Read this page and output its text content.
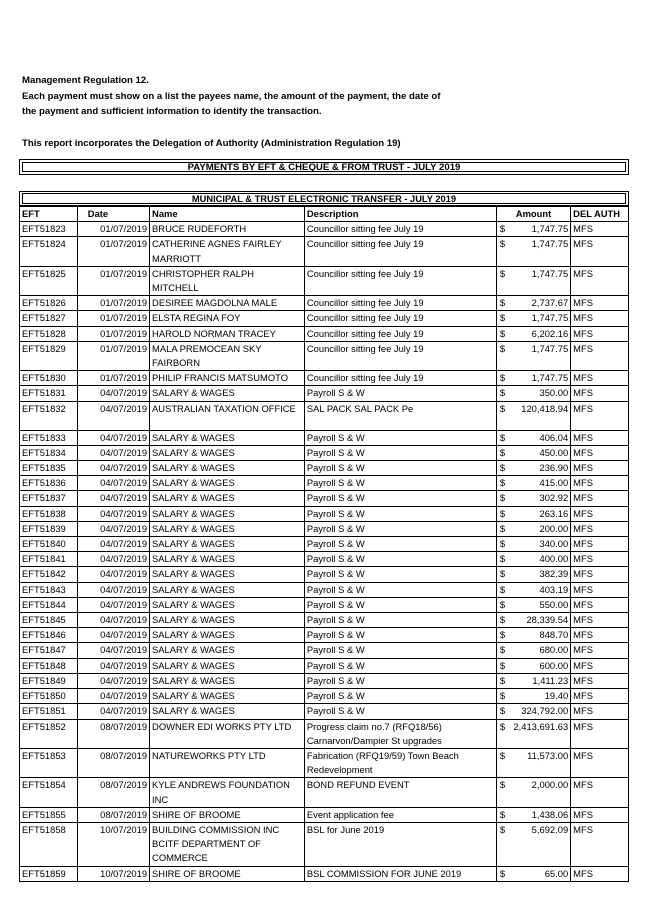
Management Regulation 12.
Each payment must show on a list the payees name, the amount of the payment, the date of
the payment and sufficient information to identify the transaction.
This report incorporates the Delegation of Authority (Administration Regulation 19)
PAYMENTS BY EFT & CHEQUE & FROM TRUST - JULY 2019
MUNICIPAL & TRUST ELECTRONIC TRANSFER - JULY 2019
EFT	Date	Name	Description	Amount	DEL AUTH
EFT51823	01/07/2019	BRUCE RUDEFORTH	Councillor sitting fee July 19	$ 1,747.75	MFS
EFT51824	01/07/2019	CATHERINE AGNES FAIRLEY MARRIOTT	Councillor sitting fee July 19	$ 1,747.75	MFS
EFT51825	01/07/2019	CHRISTOPHER RALPH MITCHELL	Councillor sitting fee July 19	$ 1,747.75	MFS
EFT51826	01/07/2019	DESIREE MAGDOLNA MALE	Councillor sitting fee July 19	$ 2,737.67	MFS
EFT51827	01/07/2019	ELSTA REGINA FOY	Councillor sitting fee July 19	$ 1,747.75	MFS
EFT51828	01/07/2019	HAROLD NORMAN TRACEY	Councillor sitting fee July 19	$ 6,202.16	MFS
EFT51829	01/07/2019	MALA PREMOCEAN SKY FAIRBORN	Councillor sitting fee July 19	$ 1,747.75	MFS
EFT51830	01/07/2019	PHILIP FRANCIS MATSUMOTO	Councillor sitting fee July 19	$ 1,747.75	MFS
EFT51831	04/07/2019	SALARY & WAGES	Payroll S & W	$ 350.00	MFS
EFT51832	04/07/2019	AUSTRALIAN TAXATION OFFICE	SAL PACK SAL PACK Pe	$ 120,418.94	MFS
EFT51833	04/07/2019	SALARY & WAGES	Payroll S & W	$ 406.04	MFS
EFT51834	04/07/2019	SALARY & WAGES	Payroll S & W	$ 450.00	MFS
EFT51835	04/07/2019	SALARY & WAGES	Payroll S & W	$ 236.90	MFS
EFT51836	04/07/2019	SALARY & WAGES	Payroll S & W	$ 415.00	MFS
EFT51837	04/07/2019	SALARY & WAGES	Payroll S & W	$ 302.92	MFS
EFT51838	04/07/2019	SALARY & WAGES	Payroll S & W	$ 263.16	MFS
EFT51839	04/07/2019	SALARY & WAGES	Payroll S & W	$ 200.00	MFS
EFT51840	04/07/2019	SALARY & WAGES	Payroll S & W	$ 340.00	MFS
EFT51841	04/07/2019	SALARY & WAGES	Payroll S & W	$ 400.00	MFS
EFT51842	04/07/2019	SALARY & WAGES	Payroll S & W	$ 382.39	MFS
EFT51843	04/07/2019	SALARY & WAGES	Payroll S & W	$ 403.19	MFS
EFT51844	04/07/2019	SALARY & WAGES	Payroll S & W	$ 550.00	MFS
EFT51845	04/07/2019	SALARY & WAGES	Payroll S & W	$ 28,339.54	MFS
EFT51846	04/07/2019	SALARY & WAGES	Payroll S & W	$ 848.70	MFS
EFT51847	04/07/2019	SALARY & WAGES	Payroll S & W	$ 680.00	MFS
EFT51848	04/07/2019	SALARY & WAGES	Payroll S & W	$ 600.00	MFS
EFT51849	04/07/2019	SALARY & WAGES	Payroll S & W	$ 1,411.23	MFS
EFT51850	04/07/2019	SALARY & WAGES	Payroll S & W	$ 19.40	MFS
EFT51851	04/07/2019	SALARY & WAGES	Payroll S & W	$ 324,792.00	MFS
EFT51852	08/07/2019	DOWNER EDI WORKS PTY LTD	Progress claim no.7 (RFQ18/56) Carnarvon/Dampier St upgrades	$ 2,413,691.63	MFS
EFT51853	08/07/2019	NATUREWORKS PTY LTD	Fabrication (RFQ19/59) Town Beach Redevelopment	$ 11,573.00	MFS
EFT51854	08/07/2019	KYLE ANDREWS FOUNDATION INC	BOND REFUND EVENT	$ 2,000.00	MFS
EFT51855	08/07/2019	SHIRE OF BROOME	Event application fee	$ 1,438.06	MFS
EFT51858	10/07/2019	BUILDING COMMISSION INC BCITF DEPARTMENT OF COMMERCE	BSL for June 2019	$ 5,692.09	MFS
EFT51859	10/07/2019	SHIRE OF BROOME	BSL COMMISSION FOR JUNE 2019	$ 65.00	MFS
